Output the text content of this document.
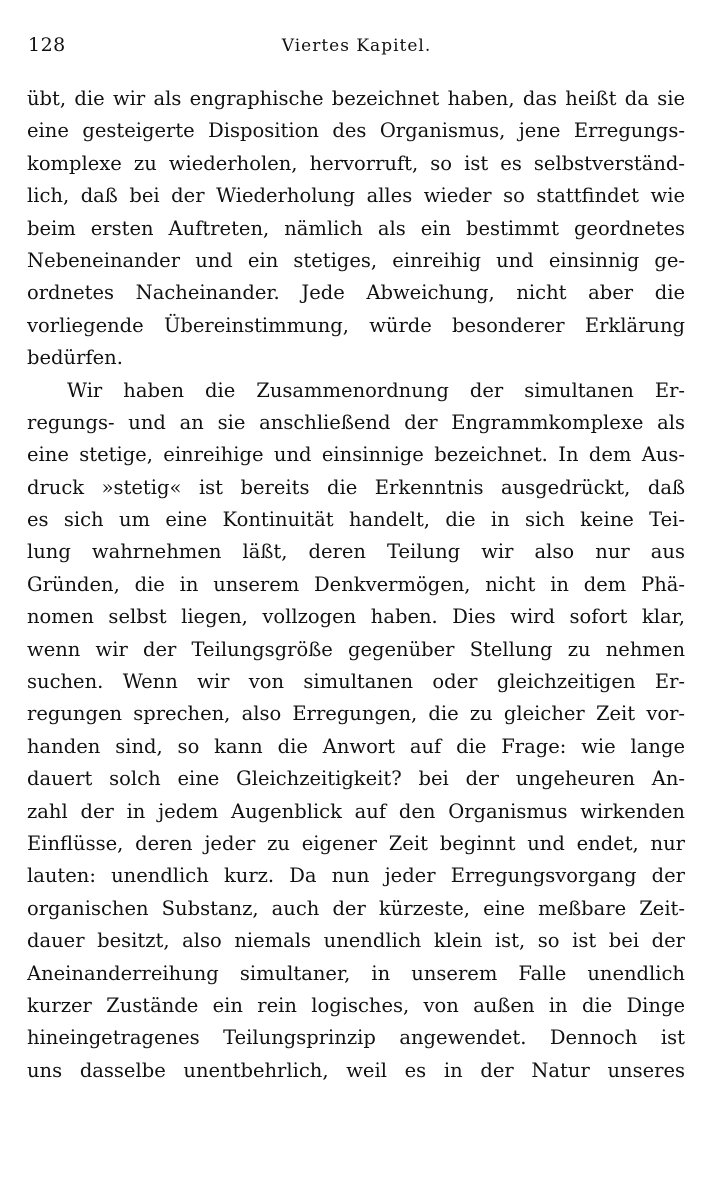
128	Viertes Kapitel.
übt, die wir als engraphische bezeichnet haben, das heißt da sie
eine gesteigerte Disposition des Organismus, jene Erregungs-
komplexe zu wiederholen, hervorruft, so ist es selbstverständ-
lich, daß bei der Wiederholung alles wieder so stattfindet wie
beim ersten Auftreten, nämlich als ein bestimmt geordnetes
Nebeneinander und ein stetiges, einreihig und einsinnig ge-
ordnetes Nacheinander. Jede Abweichung, nicht aber die
vorliegende Übereinstimmung, würde besonderer Erklärung
bedürfen.
Wir haben die Zusammenordnung der simultanen Er-
regungs- und an sie anschließend der Engrammkomplexe als
eine stetige, einreihige und einsinnige bezeichnet. In dem Aus-
druck »stetig« ist bereits die Erkenntnis ausgedrückt, daß
es sich um eine Kontinuität handelt, die in sich keine Tei-
lung wahrnehmen läßt, deren Teilung wir also nur aus
Gründen, die in unserem Denkvermögen, nicht in dem Phä-
nomen selbst liegen, vollzogen haben. Dies wird sofort klar,
wenn wir der Teilungsgröße gegenüber Stellung zu nehmen
suchen. Wenn wir von simultanen oder gleichzeitigen Er-
regungen sprechen, also Erregungen, die zu gleicher Zeit vor-
handen sind, so kann die Anwort auf die Frage: wie lange
dauert solch eine Gleichzeitigkeit? bei der ungeheuren An-
zahl der in jedem Augenblick auf den Organismus wirkenden
Einflüsse, deren jeder zu eigener Zeit beginnt und endet, nur
lauten: unendlich kurz. Da nun jeder Erregungsvorgang der
organischen Substanz, auch der kürzeste, eine meßbare Zeit-
dauer besitzt, also niemals unendlich klein ist, so ist bei der
Aneinanderreihung simultaner, in unserem Falle unendlich
kurzer Zustände ein rein logisches, von außen in die Dinge
hineingetragenes Teilungsprinzip angewendet. Dennoch ist
uns dasselbe unentbehrlich, weil es in der Natur unseres
